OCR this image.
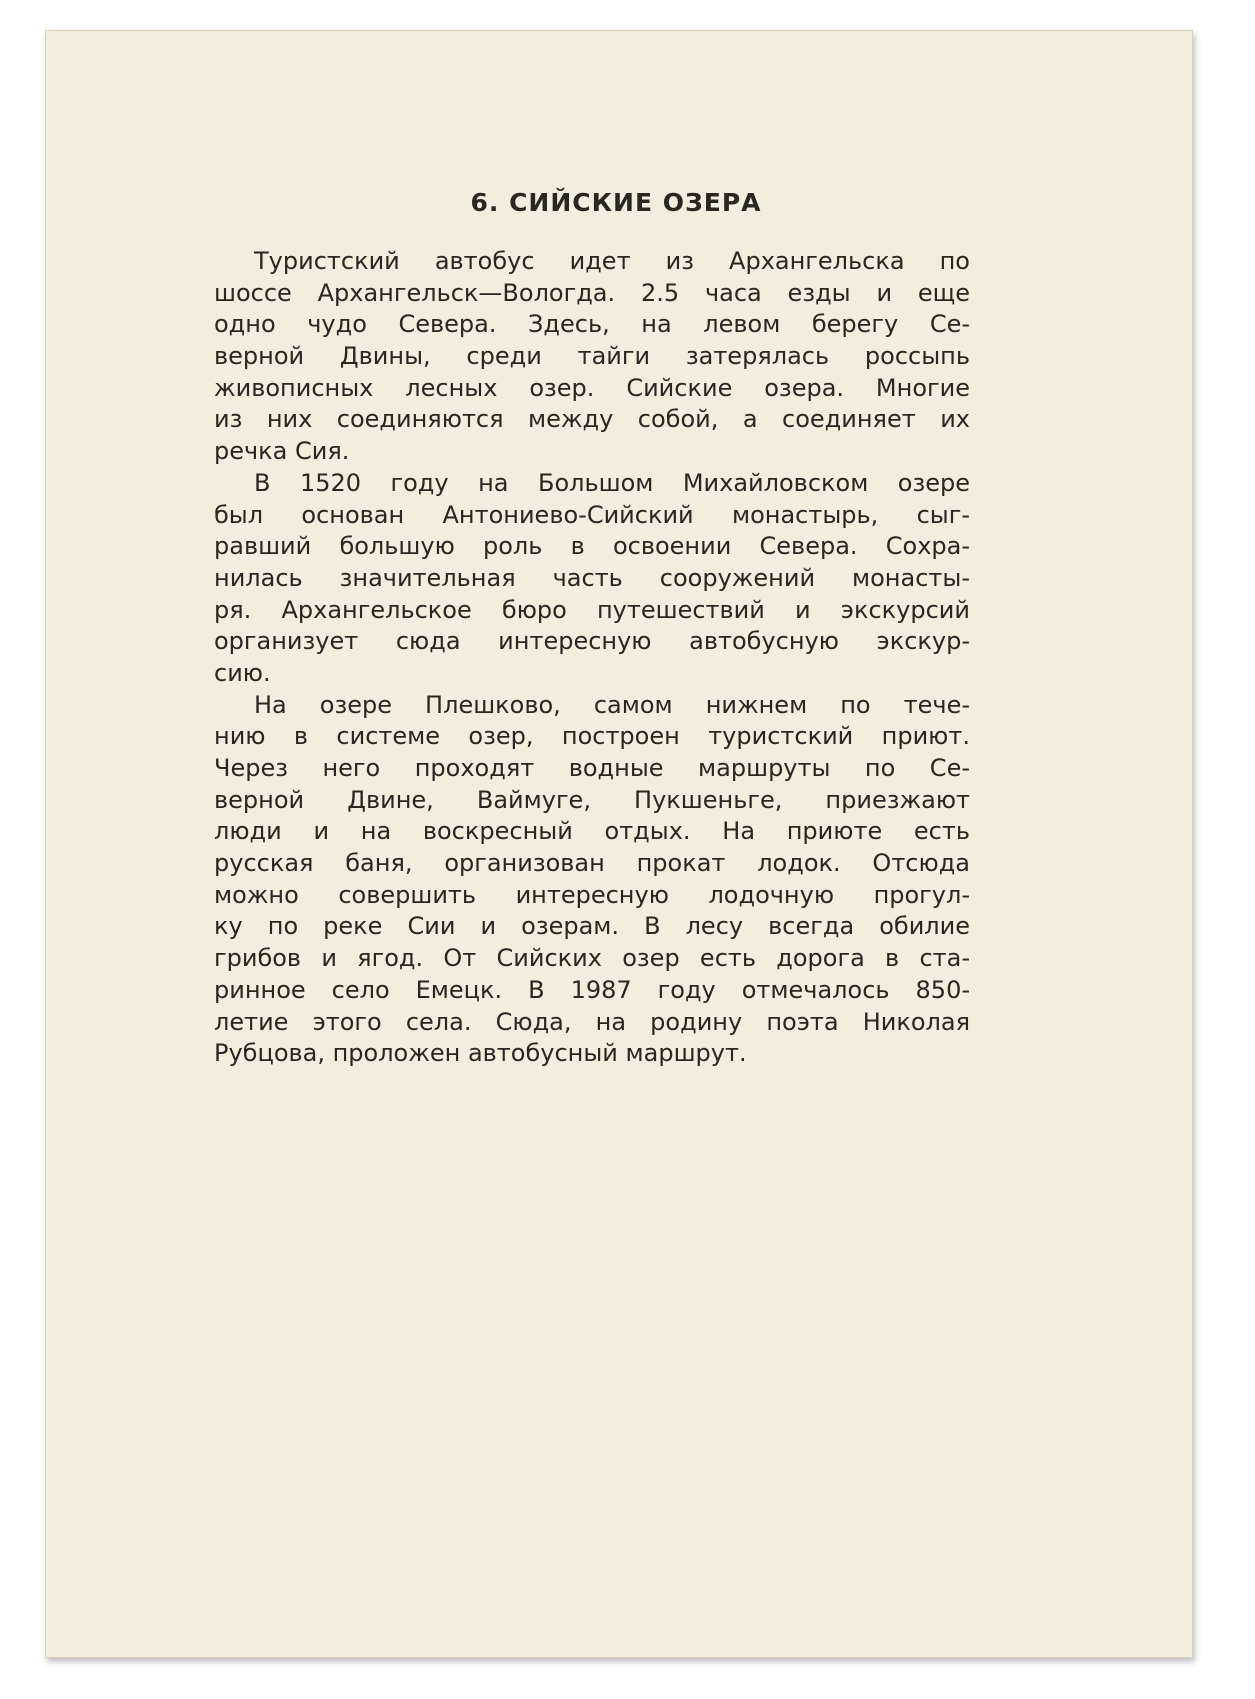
6. СИЙСКИЕ ОЗЕРА

Туристский автобус идет из Архангельска по
шоссе Архангельск—Вологда. 2.5 часа езды и еще
одно чудо Севера. Здесь, на левом берегу Се-
верной Двины, среди тайги затерялась россыпь
живописных лесных озер. Сийские озера. Многие
из них соединяются между собой, а соединяет их
речка Сия.

В 1520 году на Большом Михайловском озере
был основан Антониево-Сийский монастырь, сыг-
равший большую роль в освоении Севера. Сохра-
нилась значительная часть сооружений монасты-
ря. Архангельское бюро путешествий и экскурсий
организует сюда интересную автобусную экскур-
сию.

На озере Плешково, самом нижнем по тече-
нию в системе озер, построен туристский приют.
Через него проходят водные маршруты по Се-
верной Двине, Ваймуге, Пукшеньге, приезжают
люди и на воскресный отдых. На приюте есть
русская баня, организован прокат лодок. Отсюда
можно совершить интересную лодочную прогул-
ку по реке Сии и озерам. В лесу всегда обилие
грибов и ягод. От Сийских озер есть дорога в ста-
ринное село Емецк. В 1987 году отмечалось 850-
летие этого села. Сюда, на родину поэта Николая
Рубцова, проложен автобусный маршрут.
